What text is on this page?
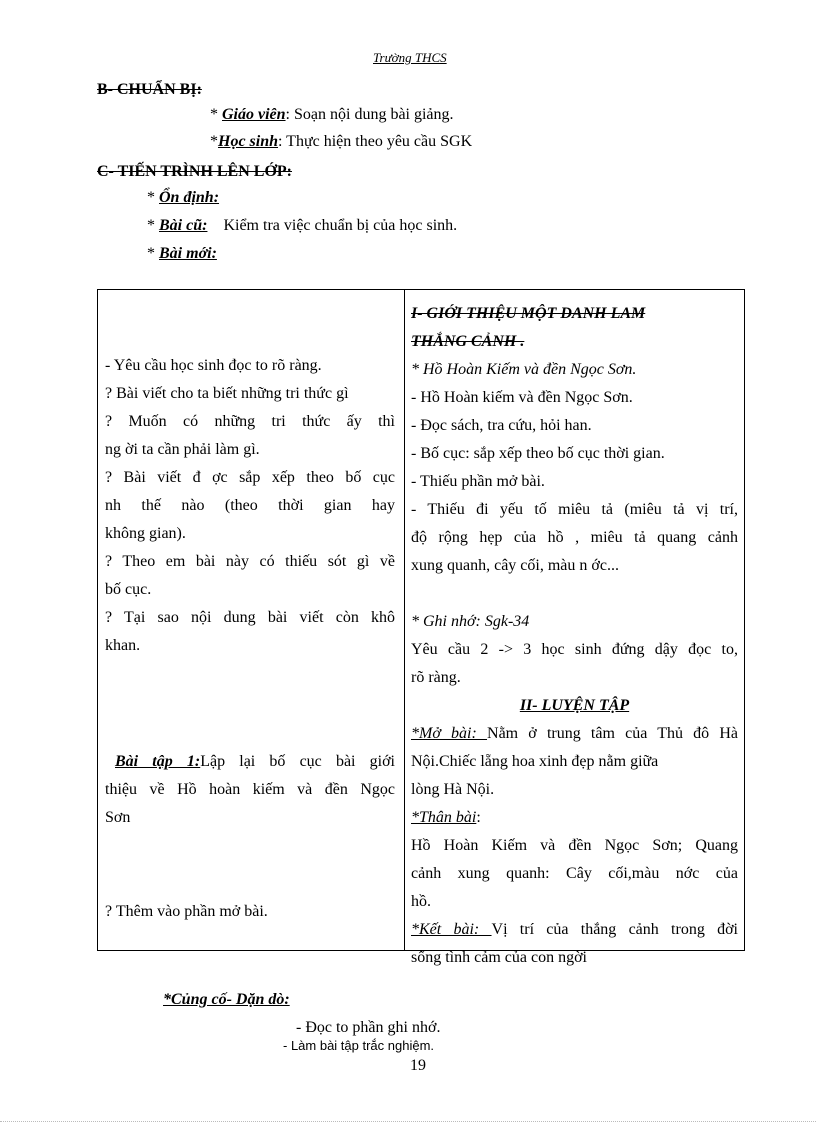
Trường THCS
B- CHUẨN BỊ:
* Giáo viên: Soạn nội dung bài giảng.
*Học sinh: Thực hiện theo yêu cầu SGK
C- TIẾN TRÌNH LÊN LỚP:
* Ổn định:
* Bài cũ: Kiểm tra việc chuẩn bị của học sinh.
* Bài mới:
- Yêu cầu học sinh đọc to rõ ràng.
? Bài viết cho ta biết những tri thức gì
? Muốn có những tri thức ấy thì
ng ời ta cần phải làm gì.
? Bài viết đ ợc sắp xếp theo bố cục
nh thế nào (theo thời gian hay
không gian).
? Theo em bài này có thiếu sót gì về
bố cục.
? Tại sao nội dung bài viết còn khô
khan.
Bài tập 1:Lập lại bố cục bài giới
thiệu về Hồ hoàn kiếm và đền Ngọc
Sơn
? Thêm vào phần mở bài.
I- GIỚI THIỆU MỘT DANH LAM
THẮNG CẢNH .
* Hồ Hoàn Kiếm và đền Ngọc Sơn.
- Hồ Hoàn kiếm và đền Ngọc Sơn.
- Đọc sách, tra cứu, hỏi han.
- Bố cục: sắp xếp theo bố cục thời gian.
- Thiếu phần mở bài.
- Thiếu đi yếu tố miêu tả (miêu tả vị trí,
độ rộng hẹp của hồ , miêu tả quang cảnh
xung quanh, cây cối, màu n ớc...
* Ghi nhớ: Sgk-34
Yêu cầu 2 -> 3 học sinh đứng dậy đọc to,
rõ ràng.
II- LUYỆN TẬP
*Mở bài: Nằm ở trung tâm của Thủ đô Hà
Nội.Chiếc lẵng hoa xinh đẹp nằm giữa
lòng Hà Nội.
*Thân bài:
Hồ Hoàn Kiếm và đền Ngọc Sơn; Quang
cảnh xung quanh: Cây cối,màu nớc của
hồ.
*Kết bài: Vị trí của thắng cảnh trong đời
sống tình cảm của con ngời
*Củng cố- Dặn dò:
- Đọc to phần ghi nhớ.
- Làm bài tập trắc nghiệm.
19
